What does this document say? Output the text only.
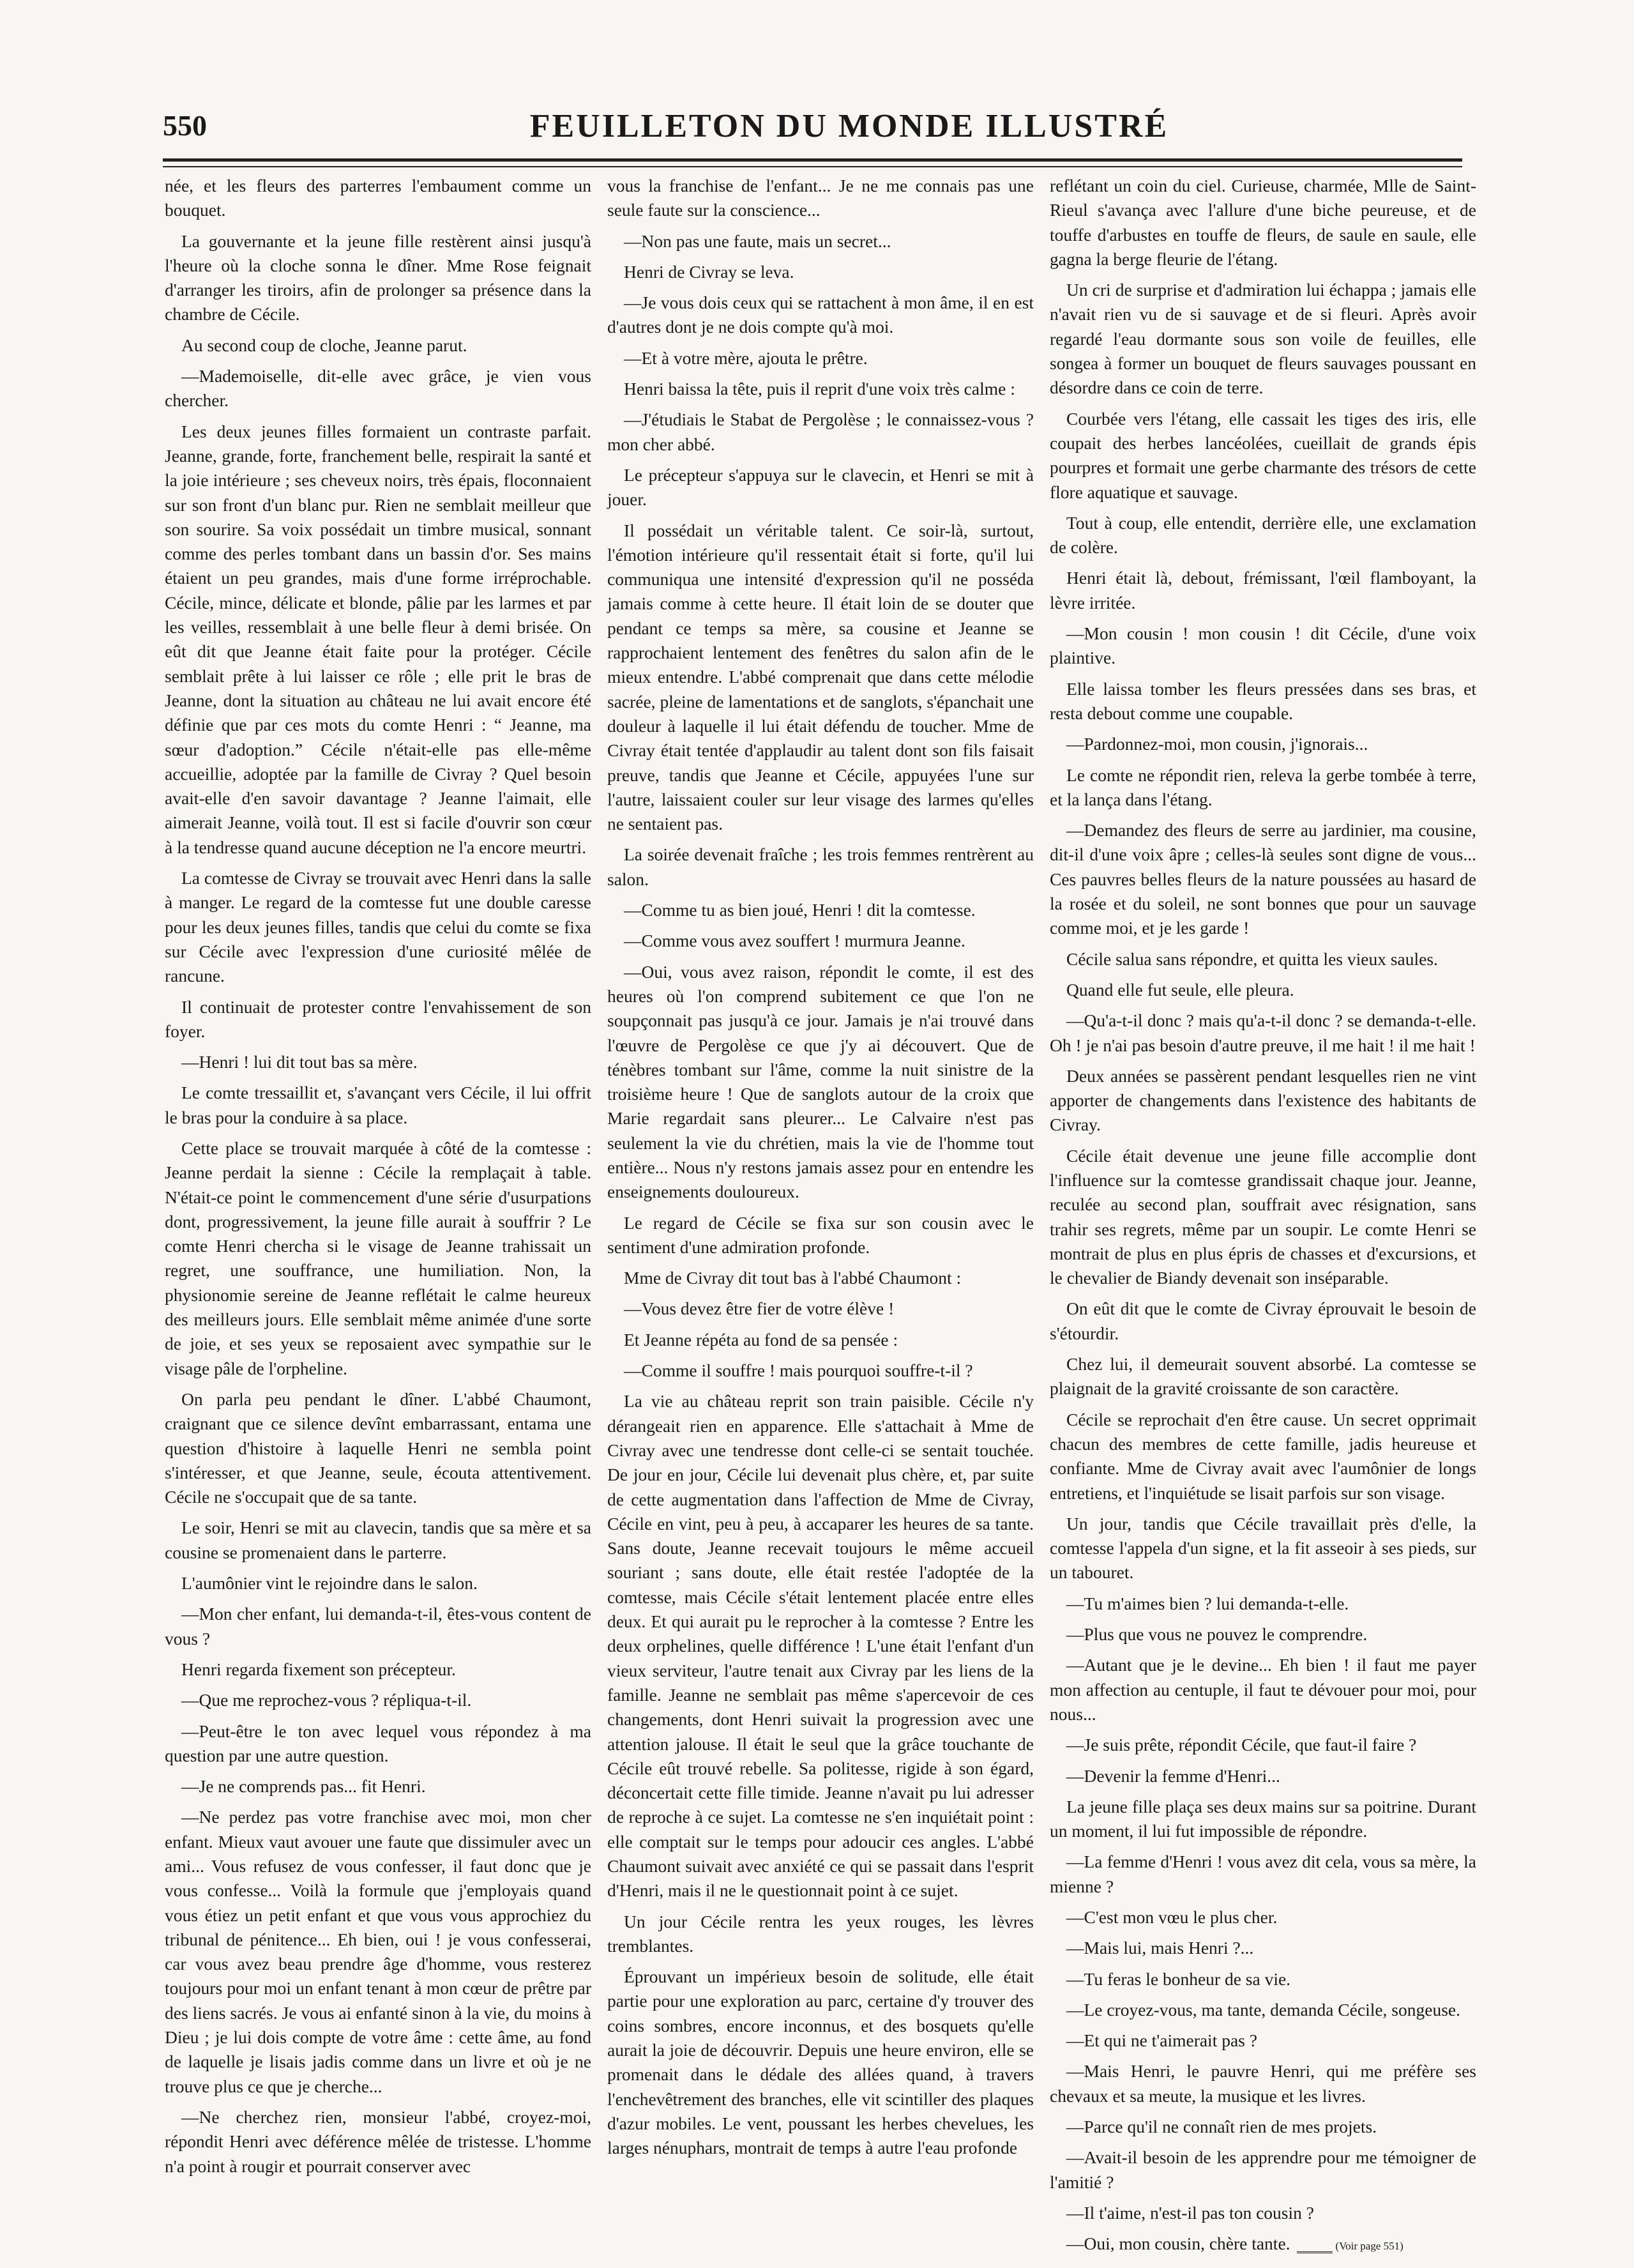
550	FEUILLETON DU MONDE ILLUSTRÉ

née, et les fleurs des parterres l'embaument comme un bouquet.

La gouvernante et la jeune fille restèrent ainsi jusqu'à l'heure où la cloche sonna le dîner. Mme Rose feignait d'arranger les tiroirs, afin de prolonger sa présence dans la chambre de Cécile.

Au second coup de cloche, Jeanne parut.

—Mademoiselle, dit-elle avec grâce, je vien vous chercher.

Les deux jeunes filles formaient un contraste parfait. Jeanne, grande, forte, franchement belle, respirait la santé et la joie intérieure ; ses cheveux noirs, très épais, floconnaient sur son front d'un blanc pur. Rien ne semblait meilleur que son sourire. Sa voix possédait un timbre musical, sonnant comme des perles tombant dans un bassin d'or. Ses mains étaient un peu grandes, mais d'une forme irréprochable. Cécile, mince, délicate et blonde, pâlie par les larmes et par les veilles, ressemblait à une belle fleur à demi brisée. On eût dit que Jeanne était faite pour la protéger. Cécile semblait prête à lui laisser ce rôle ; elle prit le bras de Jeanne, dont la situation au château ne lui avait encore été définie que par ces mots du comte Henri : “ Jeanne, ma sœur d'adoption.” Cécile n'était-elle pas elle-même accueillie, adoptée par la famille de Civray ? Quel besoin avait-elle d'en savoir davantage ? Jeanne l'aimait, elle aimerait Jeanne, voilà tout. Il est si facile d'ouvrir son cœur à la tendresse quand aucune déception ne l'a encore meurtri.

La comtesse de Civray se trouvait avec Henri dans la salle à manger. Le regard de la comtesse fut une double caresse pour les deux jeunes filles, tandis que celui du comte se fixa sur Cécile avec l'expression d'une curiosité mêlée de rancune.

Il continuait de protester contre l'envahissement de son foyer.

—Henri ! lui dit tout bas sa mère.

Le comte tressaillit et, s'avançant vers Cécile, il lui offrit le bras pour la conduire à sa place.

Cette place se trouvait marquée à côté de la comtesse : Jeanne perdait la sienne : Cécile la remplaçait à table. N'était-ce point le commencement d'une série d'usurpations dont, progressivement, la jeune fille aurait à souffrir ? Le comte Henri chercha si le visage de Jeanne trahissait un regret, une souffrance, une humiliation. Non, la physionomie sereine de Jeanne reflétait le calme heureux des meilleurs jours. Elle semblait même animée d'une sorte de joie, et ses yeux se reposaient avec sympathie sur le visage pâle de l'orpheline.

On parla peu pendant le dîner. L'abbé Chaumont, craignant que ce silence devînt embarrassant, entama une question d'histoire à laquelle Henri ne sembla point s'intéresser, et que Jeanne, seule, écouta attentivement. Cécile ne s'occupait que de sa tante.

Le soir, Henri se mit au clavecin, tandis que sa mère et sa cousine se promenaient dans le parterre.

L'aumônier vint le rejoindre dans le salon.

—Mon cher enfant, lui demanda-t-il, êtes-vous content de vous ?

Henri regarda fixement son précepteur.

—Que me reprochez-vous ? répliqua-t-il.

—Peut-être le ton avec lequel vous répondez à ma question par une autre question.

—Je ne comprends pas... fit Henri.

—Ne perdez pas votre franchise avec moi, mon cher enfant. Mieux vaut avouer une faute que dissimuler avec un ami... Vous refusez de vous confesser, il faut donc que je vous confesse... Voilà la formule que j'employais quand vous étiez un petit enfant et que vous vous approchiez du tribunal de pénitence... Eh bien, oui ! je vous confesserai, car vous avez beau prendre âge d'homme, vous resterez toujours pour moi un enfant tenant à mon cœur de prêtre par des liens sacrés. Je vous ai enfanté sinon à la vie, du moins à Dieu ; je lui dois compte de votre âme : cette âme, au fond de laquelle je lisais jadis comme dans un livre et où je ne trouve plus ce que je cherche...

—Ne cherchez rien, monsieur l'abbé, croyez-moi, répondit Henri avec déférence mêlée de tristesse. L'homme n'a point à rougir et pourrait conserver avec

vous la franchise de l'enfant... Je ne me connais pas une seule faute sur la conscience...

—Non pas une faute, mais un secret...

Henri de Civray se leva.

—Je vous dois ceux qui se rattachent à mon âme, il en est d'autres dont je ne dois compte qu'à moi.

—Et à votre mère, ajouta le prêtre.

Henri baissa la tête, puis il reprit d'une voix très calme :

—J'étudiais le Stabat de Pergolèse ; le connaissez-vous ? mon cher abbé.

Le précepteur s'appuya sur le clavecin, et Henri se mit à jouer.

Il possédait un véritable talent. Ce soir-là, surtout, l'émotion intérieure qu'il ressentait était si forte, qu'il lui communiqua une intensité d'expression qu'il ne posséda jamais comme à cette heure. Il était loin de se douter que pendant ce temps sa mère, sa cousine et Jeanne se rapprochaient lentement des fenêtres du salon afin de le mieux entendre. L'abbé comprenait que dans cette mélodie sacrée, pleine de lamentations et de sanglots, s'épanchait une douleur à laquelle il lui était défendu de toucher. Mme de Civray était tentée d'applaudir au talent dont son fils faisait preuve, tandis que Jeanne et Cécile, appuyées l'une sur l'autre, laissaient couler sur leur visage des larmes qu'elles ne sentaient pas.

La soirée devenait fraîche ; les trois femmes rentrèrent au salon.

—Comme tu as bien joué, Henri ! dit la comtesse.

—Comme vous avez souffert ! murmura Jeanne.

—Oui, vous avez raison, répondit le comte, il est des heures où l'on comprend subitement ce que l'on ne soupçonnait pas jusqu'à ce jour. Jamais je n'ai trouvé dans l'œuvre de Pergolèse ce que j'y ai découvert. Que de ténèbres tombant sur l'âme, comme la nuit sinistre de la troisième heure ! Que de sanglots autour de la croix que Marie regardait sans pleurer... Le Calvaire n'est pas seulement la vie du chrétien, mais la vie de l'homme tout entière... Nous n'y restons jamais assez pour en entendre les enseignements douloureux.

Le regard de Cécile se fixa sur son cousin avec le sentiment d'une admiration profonde.

Mme de Civray dit tout bas à l'abbé Chaumont :

—Vous devez être fier de votre élève !

Et Jeanne répéta au fond de sa pensée :

—Comme il souffre ! mais pourquoi souffre-t-il ?

La vie au château reprit son train paisible. Cécile n'y dérangeait rien en apparence. Elle s'attachait à Mme de Civray avec une tendresse dont celle-ci se sentait touchée. De jour en jour, Cécile lui devenait plus chère, et, par suite de cette augmentation dans l'affection de Mme de Civray, Cécile en vint, peu à peu, à accaparer les heures de sa tante. Sans doute, Jeanne recevait toujours le même accueil souriant ; sans doute, elle était restée l'adoptée de la comtesse, mais Cécile s'était lentement placée entre elles deux. Et qui aurait pu le reprocher à la comtesse ? Entre les deux orphelines, quelle différence ! L'une était l'enfant d'un vieux serviteur, l'autre tenait aux Civray par les liens de la famille. Jeanne ne semblait pas même s'apercevoir de ces changements, dont Henri suivait la progression avec une attention jalouse. Il était le seul que la grâce touchante de Cécile eût trouvé rebelle. Sa politesse, rigide à son égard, déconcertait cette fille timide. Jeanne n'avait pu lui adresser de reproche à ce sujet. La comtesse ne s'en inquiétait point : elle comptait sur le temps pour adoucir ces angles. L'abbé Chaumont suivait avec anxiété ce qui se passait dans l'esprit d'Henri, mais il ne le questionnait point à ce sujet.

Un jour Cécile rentra les yeux rouges, les lèvres tremblantes.

Éprouvant un impérieux besoin de solitude, elle était partie pour une exploration au parc, certaine d'y trouver des coins sombres, encore inconnus, et des bosquets qu'elle aurait la joie de découvrir. Depuis une heure environ, elle se promenait dans le dédale des allées quand, à travers l'enchevêtrement des branches, elle vit scintiller des plaques d'azur mobiles. Le vent, poussant les herbes chevelues, les larges nénuphars, montrait de temps à autre l'eau profonde

reflétant un coin du ciel. Curieuse, charmée, Mlle de Saint-Rieul s'avança avec l'allure d'une biche peureuse, et de touffe d'arbustes en touffe de fleurs, de saule en saule, elle gagna la berge fleurie de l'étang.

Un cri de surprise et d'admiration lui échappa ; jamais elle n'avait rien vu de si sauvage et de si fleuri. Après avoir regardé l'eau dormante sous son voile de feuilles, elle songea à former un bouquet de fleurs sauvages poussant en désordre dans ce coin de terre.

Courbée vers l'étang, elle cassait les tiges des iris, elle coupait des herbes lancéolées, cueillait de grands épis pourpres et formait une gerbe charmante des trésors de cette flore aquatique et sauvage.

Tout à coup, elle entendit, derrière elle, une exclamation de colère.

Henri était là, debout, frémissant, l'œil flamboyant, la lèvre irritée.

—Mon cousin ! mon cousin ! dit Cécile, d'une voix plaintive.

Elle laissa tomber les fleurs pressées dans ses bras, et resta debout comme une coupable.

—Pardonnez-moi, mon cousin, j'ignorais...

Le comte ne répondit rien, releva la gerbe tombée à terre, et la lança dans l'étang.

—Demandez des fleurs de serre au jardinier, ma cousine, dit-il d'une voix âpre ; celles-là seules sont digne de vous... Ces pauvres belles fleurs de la nature poussées au hasard de la rosée et du soleil, ne sont bonnes que pour un sauvage comme moi, et je les garde !

Cécile salua sans répondre, et quitta les vieux saules.

Quand elle fut seule, elle pleura.

—Qu'a-t-il donc ? mais qu'a-t-il donc ? se demanda-t-elle. Oh ! je n'ai pas besoin d'autre preuve, il me hait ! il me hait !

Deux années se passèrent pendant lesquelles rien ne vint apporter de changements dans l'existence des habitants de Civray.

Cécile était devenue une jeune fille accomplie dont l'influence sur la comtesse grandissait chaque jour. Jeanne, reculée au second plan, souffrait avec résignation, sans trahir ses regrets, même par un soupir. Le comte Henri se montrait de plus en plus épris de chasses et d'excursions, et le chevalier de Biandy devenait son inséparable.

On eût dit que le comte de Civray éprouvait le besoin de s'étourdir.

Chez lui, il demeurait souvent absorbé. La comtesse se plaignait de la gravité croissante de son caractère.

Cécile se reprochait d'en être cause. Un secret opprimait chacun des membres de cette famille, jadis heureuse et confiante. Mme de Civray avait avec l'aumônier de longs entretiens, et l'inquiétude se lisait parfois sur son visage.

Un jour, tandis que Cécile travaillait près d'elle, la comtesse l'appela d'un signe, et la fit asseoir à ses pieds, sur un tabouret.

—Tu m'aimes bien ? lui demanda-t-elle.

—Plus que vous ne pouvez le comprendre.

—Autant que je le devine... Eh bien ! il faut me payer mon affection au centuple, il faut te dévouer pour moi, pour nous...

—Je suis prête, répondit Cécile, que faut-il faire ?

—Devenir la femme d'Henri...

La jeune fille plaça ses deux mains sur sa poitrine. Durant un moment, il lui fut impossible de répondre.

—La femme d'Henri ! vous avez dit cela, vous sa mère, la mienne ?

—C'est mon vœu le plus cher.

—Mais lui, mais Henri ?...

—Tu feras le bonheur de sa vie.

—Le croyez-vous, ma tante, demanda Cécile, songeuse.

—Et qui ne t'aimerait pas ?

—Mais Henri, le pauvre Henri, qui me préfère ses chevaux et sa meute, la musique et les livres.

—Parce qu'il ne connaît rien de mes projets.

—Avait-il besoin de les apprendre pour me témoigner de l'amitié ?

—Il t'aime, n'est-il pas ton cousin ?

—Oui, mon cousin, chère tante.	(Voir page 551)
